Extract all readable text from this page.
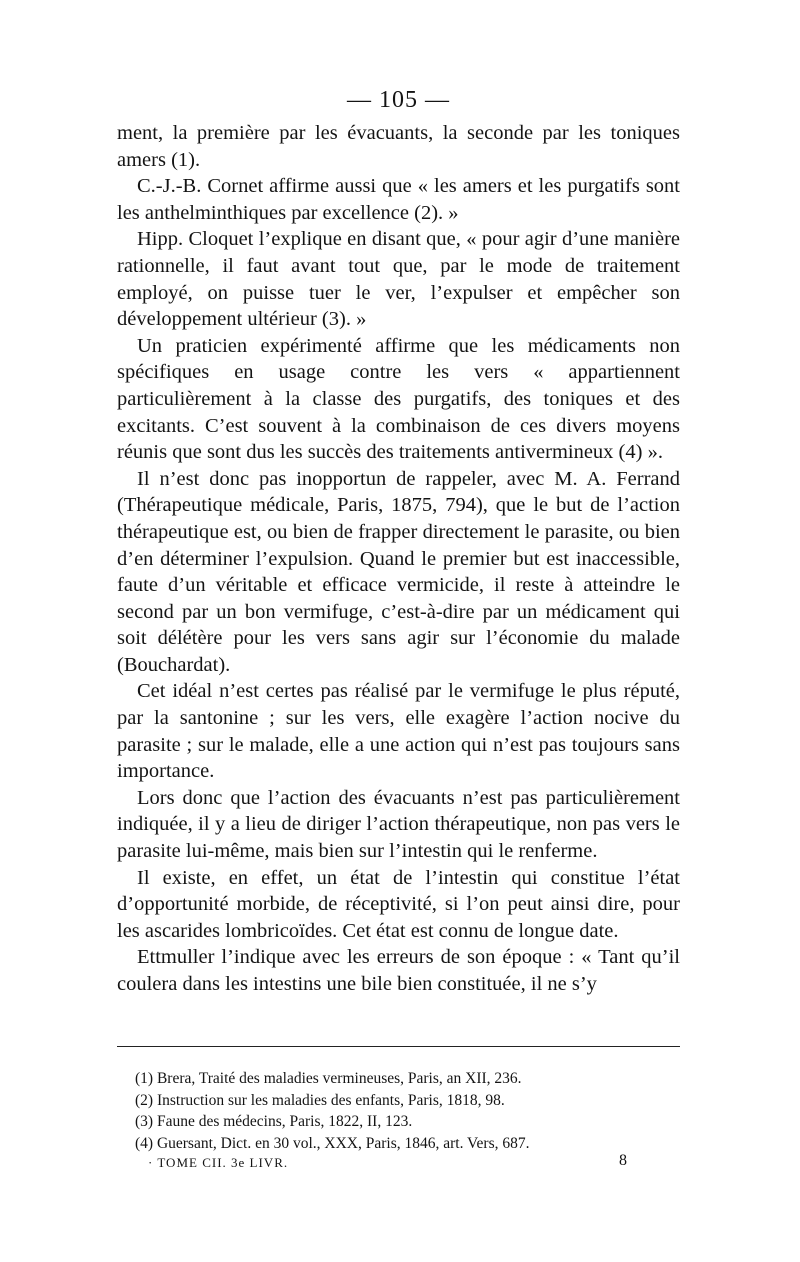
— 105 —

ment, la première par les évacuants, la seconde par les toniques amers (1).

C.-J.-B. Cornet affirme aussi que « les amers et les purgatifs sont les anthelminthiques par excellence (2). »

Hipp. Cloquet l’explique en disant que, « pour agir d’une manière rationnelle, il faut avant tout que, par le mode de traitement employé, on puisse tuer le ver, l’expulser et empêcher son développement ultérieur (3). »

Un praticien expérimenté affirme que les médicaments non spécifiques en usage contre les vers « appartiennent particulièrement à la classe des purgatifs, des toniques et des excitants. C’est souvent à la combinaison de ces divers moyens réunis que sont dus les succès des traitements antivermineux (4) ».

Il n’est donc pas inopportun de rappeler, avec M. A. Ferrand (Thérapeutique médicale, Paris, 1875, 794), que le but de l’action thérapeutique est, ou bien de frapper directement le parasite, ou bien d’en déterminer l’expulsion. Quand le premier but est inaccessible, faute d’un véritable et efficace vermicide, il reste à atteindre le second par un bon vermifuge, c’est-à-dire par un médicament qui soit délétère pour les vers sans agir sur l’économie du malade (Bouchardat).

Cet idéal n’est certes pas réalisé par le vermifuge le plus réputé, par la santonine ; sur les vers, elle exagère l’action nocive du parasite ; sur le malade, elle a une action qui n’est pas toujours sans importance.

Lors donc que l’action des évacuants n’est pas particulièrement indiquée, il y a lieu de diriger l’action thérapeutique, non pas vers le parasite lui-même, mais bien sur l’intestin qui le renferme.

Il existe, en effet, un état de l’intestin qui constitue l’état d’opportunité morbide, de réceptivité, si l’on peut ainsi dire, pour les ascarides lombricoïdes. Cet état est connu de longue date.

Ettmuller l’indique avec les erreurs de son époque : « Tant qu’il coulera dans les intestins une bile bien constituée, il ne s’y

(1) Brera, Traité des maladies vermineuses, Paris, an XII, 236.
(2) Instruction sur les maladies des enfants, Paris, 1818, 98.
(3) Faune des médecins, Paris, 1822, II, 123.
(4) Guersant, Dict. en 30 vol., XXX, Paris, 1846, art. Vers, 687.
· TOME CII. 3e LIVR.	8
